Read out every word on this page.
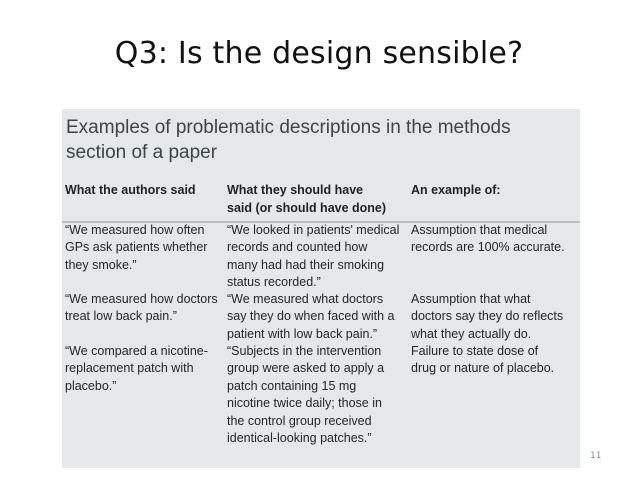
Q3: Is the design sensible?
Examples of problematic descriptions in the methods
section of a paper
What the authors said	What they should have
said (or should have done)
An example of:
“We measured how often
GPs ask patients whether
they smoke.”
“We looked in patients' medical
records and counted how
many had had their smoking
status recorded.”
Assumption that medical
records are 100% accurate.
“We measured how doctors
treat low back pain.”
“We measured what doctors
say they do when faced with a
patient with low back pain.”
Assumption that what
doctors say they do reflects
what they actually do.
“We compared a nicotine-
replacement patch with
placebo.”
“Subjects in the intervention
group were asked to apply a
patch containing 15 mg
nicotine twice daily; those in
the control group received
identical-looking patches.”
Failure to state dose of
drug or nature of placebo.
11
